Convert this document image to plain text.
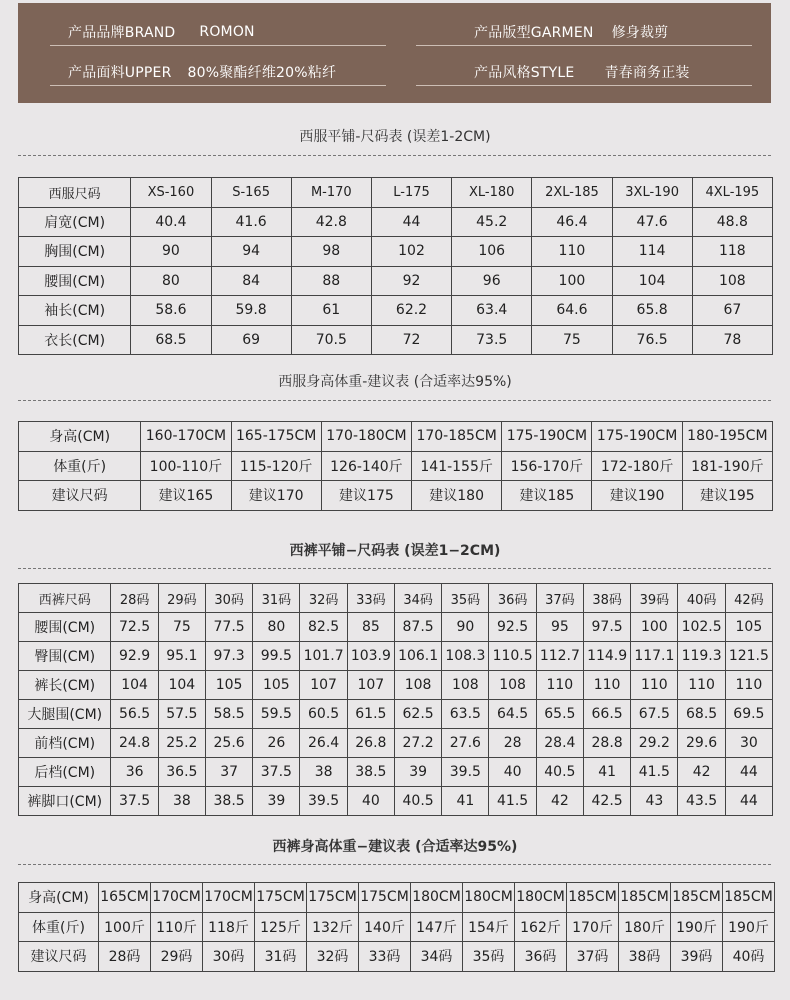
产品品牌BRAND ROMON	产品版型GARMEN 修身裁剪
产品面料UPPER 80%聚酯纤维20%粘纤	产品风格STYLE 青春商务正装
西服平铺-尺码表 (误差1-2CM)
西服尺码	XS-160	S-165	M-170	L-175	XL-180	2XL-185	3XL-190	4XL-195
肩宽(CM)	40.4	41.6	42.8	44	45.2	46.4	47.6	48.8
胸围(CM)	90	94	98	102	106	110	114	118
腰围(CM)	80	84	88	92	96	100	104	108
袖长(CM)	58.6	59.8	61	62.2	63.4	64.6	65.8	67
衣长(CM)	68.5	69	70.5	72	73.5	75	76.5	78
西服身高体重-建议表 (合适率达95%)
身高(CM)	160-170CM	165-175CM	170-180CM	170-185CM	175-190CM	175-190CM	180-195CM
体重(斤)	100-110斤	115-120斤	126-140斤	141-155斤	156-170斤	172-180斤	181-190斤
建议尺码	建议165	建议170	建议175	建议180	建议185	建议190	建议195
西裤平铺−尺码表 (误差1−2CM)
西裤尺码	28码	29码	30码	31码	32码	33码	34码	35码	36码	37码	38码	39码	40码	42码
腰围(CM)	72.5	75	77.5	80	82.5	85	87.5	90	92.5	95	97.5	100	102.5	105
臀围(CM)	92.9	95.1	97.3	99.5	101.7	103.9	106.1	108.3	110.5	112.7	114.9	117.1	119.3	121.5
裤长(CM)	104	104	105	105	107	107	108	108	108	110	110	110	110	110
大腿围(CM)	56.5	57.5	58.5	59.5	60.5	61.5	62.5	63.5	64.5	65.5	66.5	67.5	68.5	69.5
前档(CM)	24.8	25.2	25.6	26	26.4	26.8	27.2	27.6	28	28.4	28.8	29.2	29.6	30
后档(CM)	36	36.5	37	37.5	38	38.5	39	39.5	40	40.5	41	41.5	42	44
裤脚口(CM)	37.5	38	38.5	39	39.5	40	40.5	41	41.5	42	42.5	43	43.5	44
西裤身高体重−建议表 (合适率达95%)
身高(CM)	165CM	170CM	170CM	175CM	175CM	175CM	180CM	180CM	180CM	185CM	185CM	185CM	185CM
体重(斤)	100斤	110斤	118斤	125斤	132斤	140斤	147斤	154斤	162斤	170斤	180斤	190斤	190斤
建议尺码	28码	29码	30码	31码	32码	33码	34码	35码	36码	37码	38码	39码	40码
